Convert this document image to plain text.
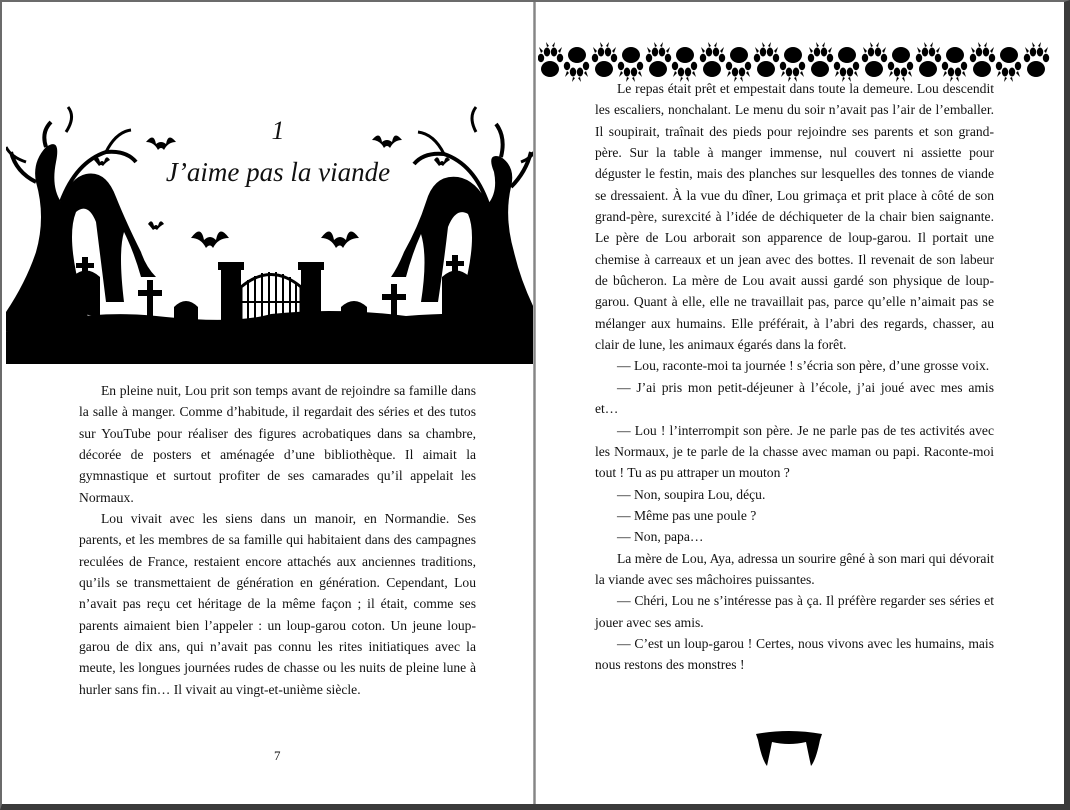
1
J’aime pas la viande

En pleine nuit, Lou prit son temps avant de rejoindre sa famille dans la salle à manger. Comme d’habitude, il regardait des séries et des tutos sur YouTube pour réaliser des figures acrobatiques dans sa chambre, décorée de posters et aménagée d’une bibliothèque. Il aimait la gymnastique et surtout profiter de ses camarades qu’il appelait les Normaux.

Lou vivait avec les siens dans un manoir, en Normandie. Ses parents, et les membres de sa famille qui habitaient dans des campagnes reculées de France, restaient encore attachés aux anciennes traditions, qu’ils se transmettaient de génération en génération. Cependant, Lou n’avait pas reçu cet héritage de la même façon ; il était, comme ses parents aimaient bien l’appeler : un loup-garou coton. Un jeune loup-garou de dix ans, qui n’avait pas connu les rites initiatiques avec la meute, les longues journées rudes de chasse ou les nuits de pleine lune à hurler sans fin… Il vivait au vingt-et-unième siècle.

7

Le repas était prêt et empestait dans toute la demeure. Lou descendit les escaliers, nonchalant. Le menu du soir n’avait pas l’air de l’emballer. Il soupirait, traînait des pieds pour rejoindre ses parents et son grand-père. Sur la table à manger immense, nul couvert ni assiette pour déguster le festin, mais des planches sur lesquelles des tonnes de viande se dressaient. À la vue du dîner, Lou grimaça et prit place à côté de son grand-père, surexcité à l’idée de déchiqueter de la chair bien saignante. Le père de Lou arborait son apparence de loup-garou. Il portait une chemise à carreaux et un jean avec des bottes. Il revenait de son labeur de bûcheron. La mère de Lou avait aussi gardé son physique de loup-garou. Quant à elle, elle ne travaillait pas, parce qu’elle n’aimait pas se mélanger aux humains. Elle préférait, à l’abri des regards, chasser, au clair de lune, les animaux égarés dans la forêt.

— Lou, raconte-moi ta journée ! s’écria son père, d’une grosse voix.

— J’ai pris mon petit-déjeuner à l’école, j’ai joué avec mes amis et…

— Lou ! l’interrompit son père. Je ne parle pas de tes activités avec les Normaux, je te parle de la chasse avec maman ou papi. Raconte-moi tout ! Tu as pu attraper un mouton ?

— Non, soupira Lou, déçu.

— Même pas une poule ?

— Non, papa…

La mère de Lou, Aya, adressa un sourire gêné à son mari qui dévorait la viande avec ses mâchoires puissantes.

— Chéri, Lou ne s’intéresse pas à ça. Il préfère regarder ses séries et jouer avec ses amis.

— C’est un loup-garou ! Certes, nous vivons avec les humains, mais nous restons des monstres !

8
